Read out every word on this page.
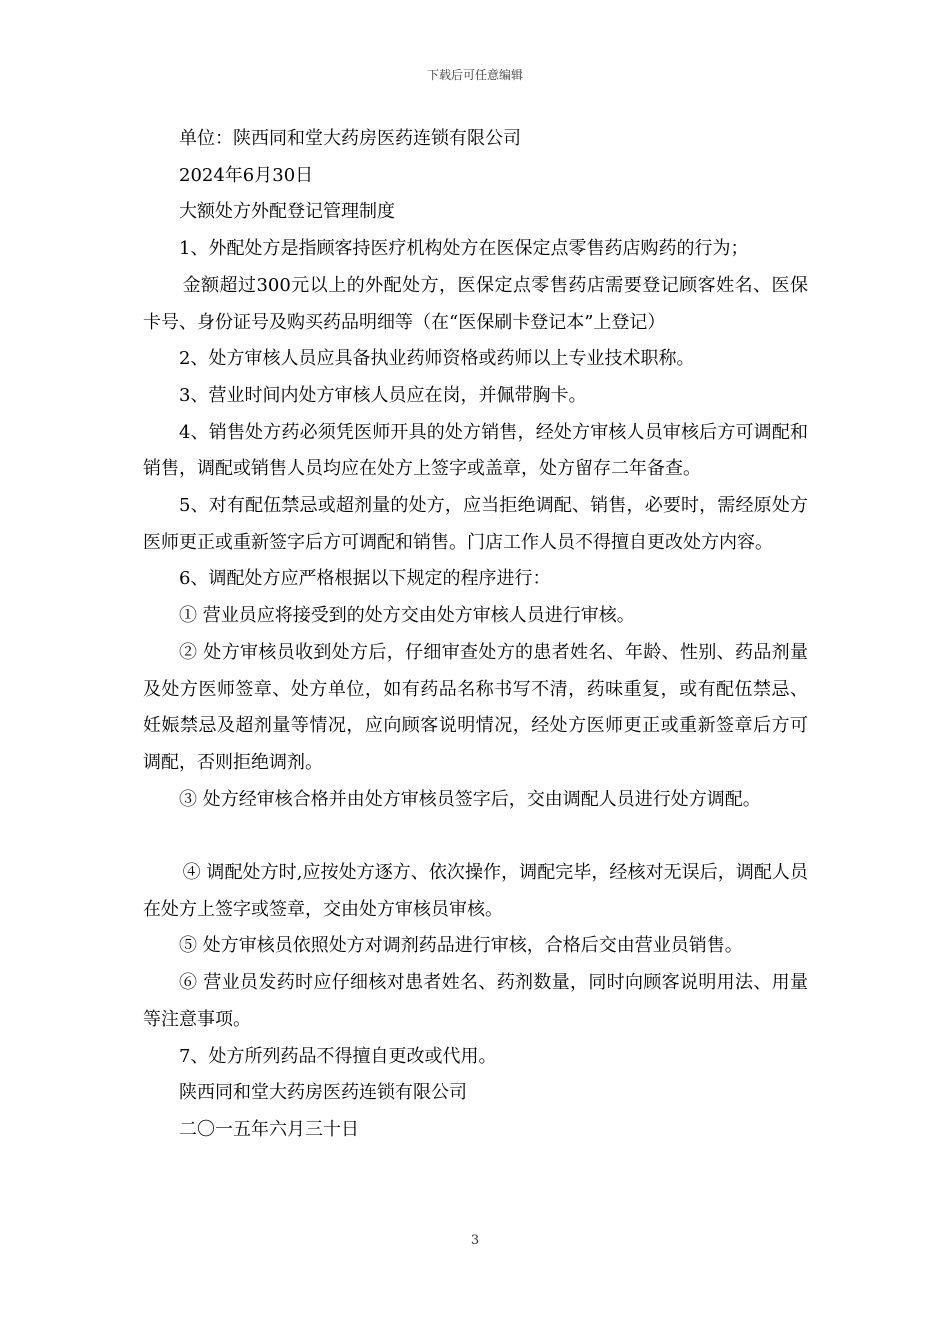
下载后可任意编辑

单位：陕西同和堂大药房医药连锁有限公司

2024年6月30日

大额处方外配登记管理制度

1、外配处方是指顾客持医疗机构处方在医保定点零售药店购药的行为；

金额超过300元以上的外配处方，医保定点零售药店需要登记顾客姓名、医保卡号、身份证号及购买药品明细等（在“医保刷卡登记本”上登记）

2、处方审核人员应具备执业药师资格或药师以上专业技术职称。

3、营业时间内处方审核人员应在岗，并佩带胸卡。

4、销售处方药必须凭医师开具的处方销售，经处方审核人员审核后方可调配和销售，调配或销售人员均应在处方上签字或盖章，处方留存二年备查。

5、对有配伍禁忌或超剂量的处方，应当拒绝调配、销售，必要时，需经原处方医师更正或重新签字后方可调配和销售。门店工作人员不得擅自更改处方内容。

6、调配处方应严格根据以下规定的程序进行：

① 营业员应将接受到的处方交由处方审核人员进行审核。

② 处方审核员收到处方后，仔细审查处方的患者姓名、年龄、性别、药品剂量及处方医师签章、处方单位，如有药品名称书写不清，药味重复，或有配伍禁忌、妊娠禁忌及超剂量等情况，应向顾客说明情况，经处方医师更正或重新签章后方可调配，否则拒绝调剂。

③ 处方经审核合格并由处方审核员签字后，交由调配人员进行处方调配。

④ 调配处方时,应按处方逐方、依次操作，调配完毕，经核对无误后，调配人员在处方上签字或签章，交由处方审核员审核。

⑤ 处方审核员依照处方对调剂药品进行审核，合格后交由营业员销售。

⑥ 营业员发药时应仔细核对患者姓名、药剂数量，同时向顾客说明用法、用量等注意事项。

7、处方所列药品不得擅自更改或代用。

陕西同和堂大药房医药连锁有限公司

二〇一五年六月三十日

3
